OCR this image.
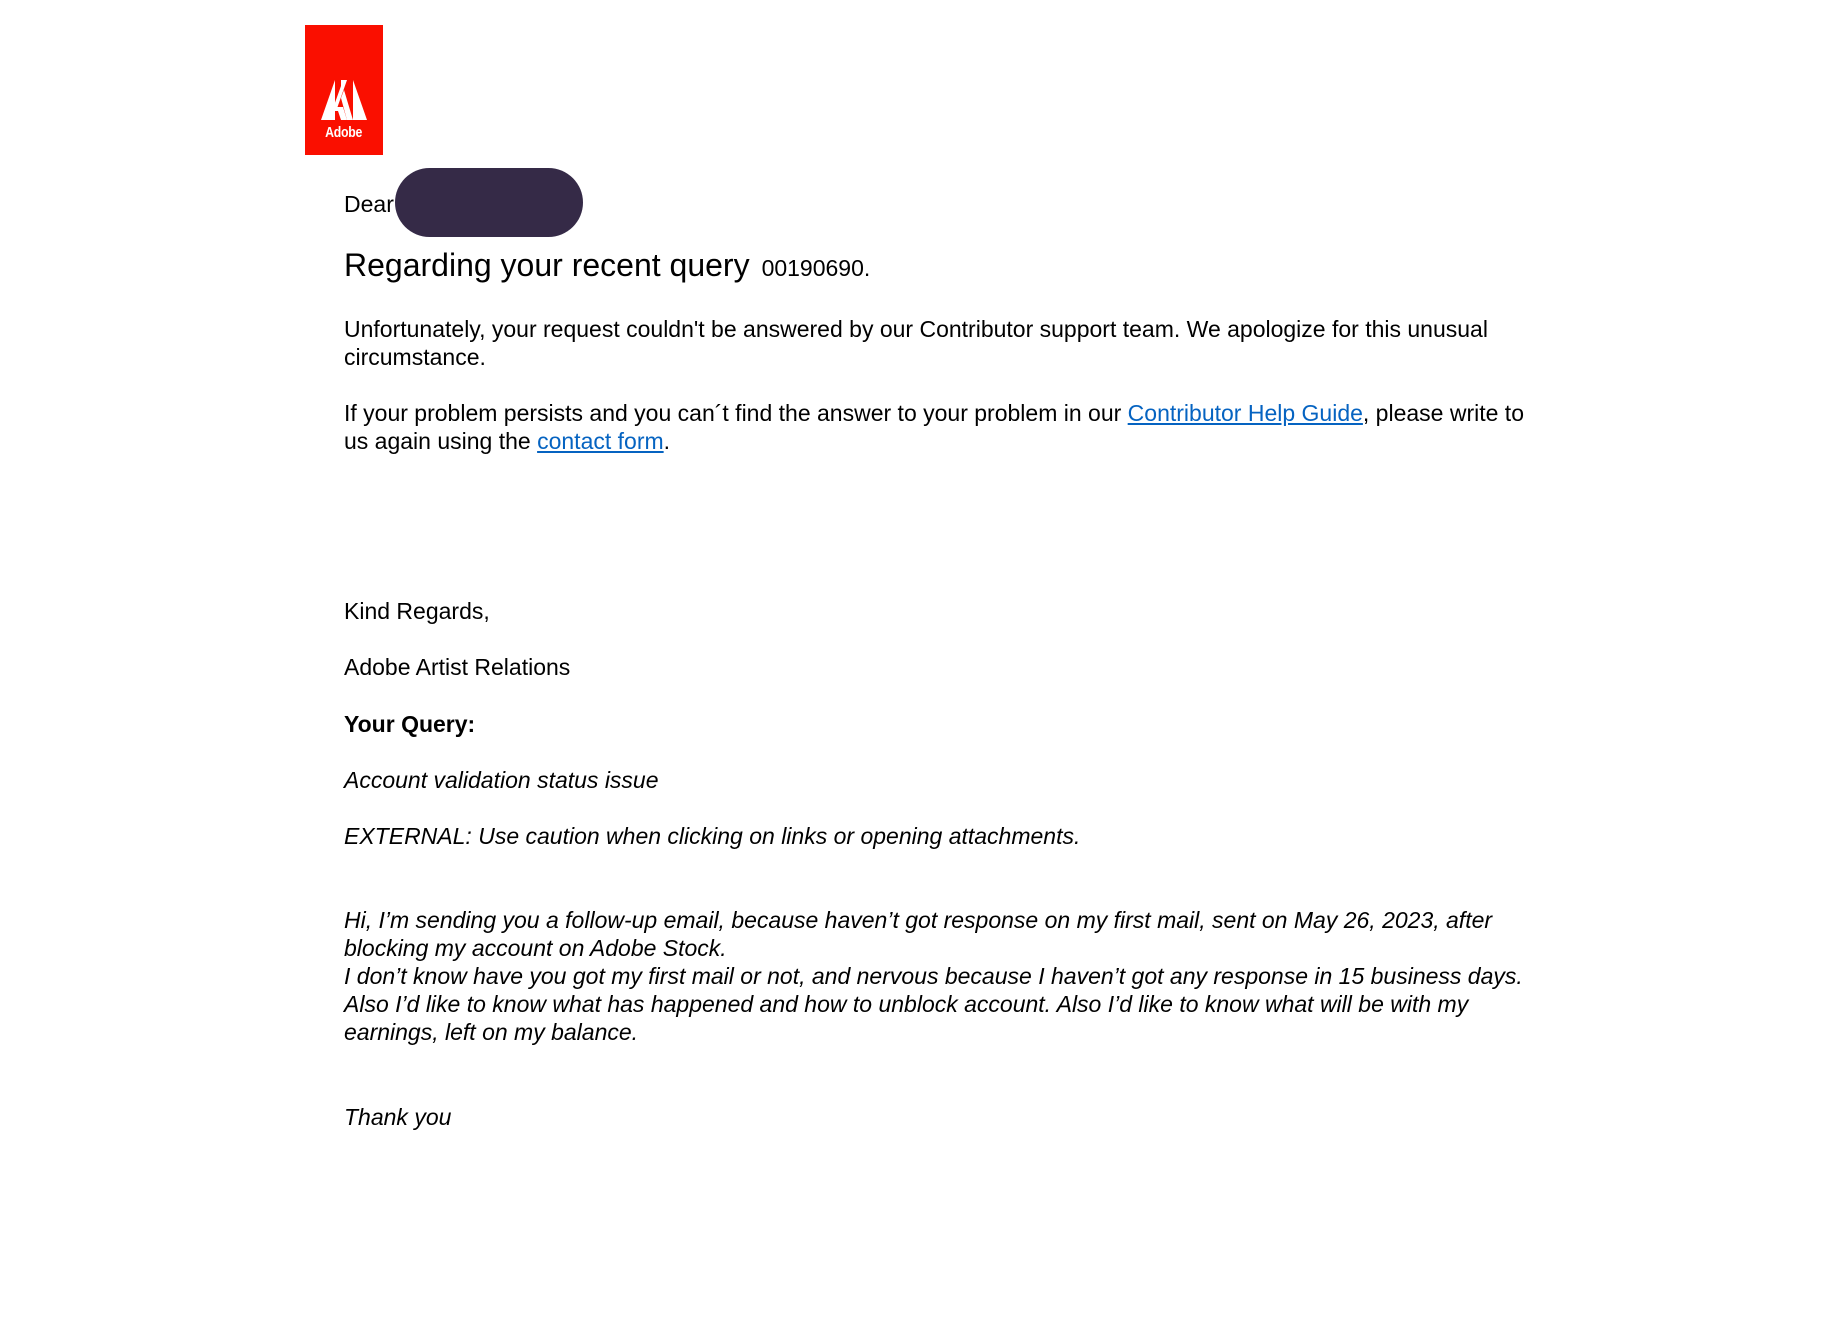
Adobe
Dear
Regarding your recent query 00190690.

Unfortunately, your request couldn't be answered by our Contributor support team. We apologize for this unusual circumstance.

If your problem persists and you can´t find the answer to your problem in our Contributor Help Guide, please write to us again using the contact form.

Kind Regards,

Adobe Artist Relations

Your Query:

Account validation status issue

EXTERNAL: Use caution when clicking on links or opening attachments.

Hi, I’m sending you a follow-up email, because haven’t got response on my first mail, sent on May 26, 2023, after blocking my account on Adobe Stock.
I don’t know have you got my first mail or not, and nervous because I haven’t got any response in 15 business days.
Also I’d like to know what has happened and how to unblock account. Also I’d like to know what will be with my earnings, left on my balance.

Thank you
